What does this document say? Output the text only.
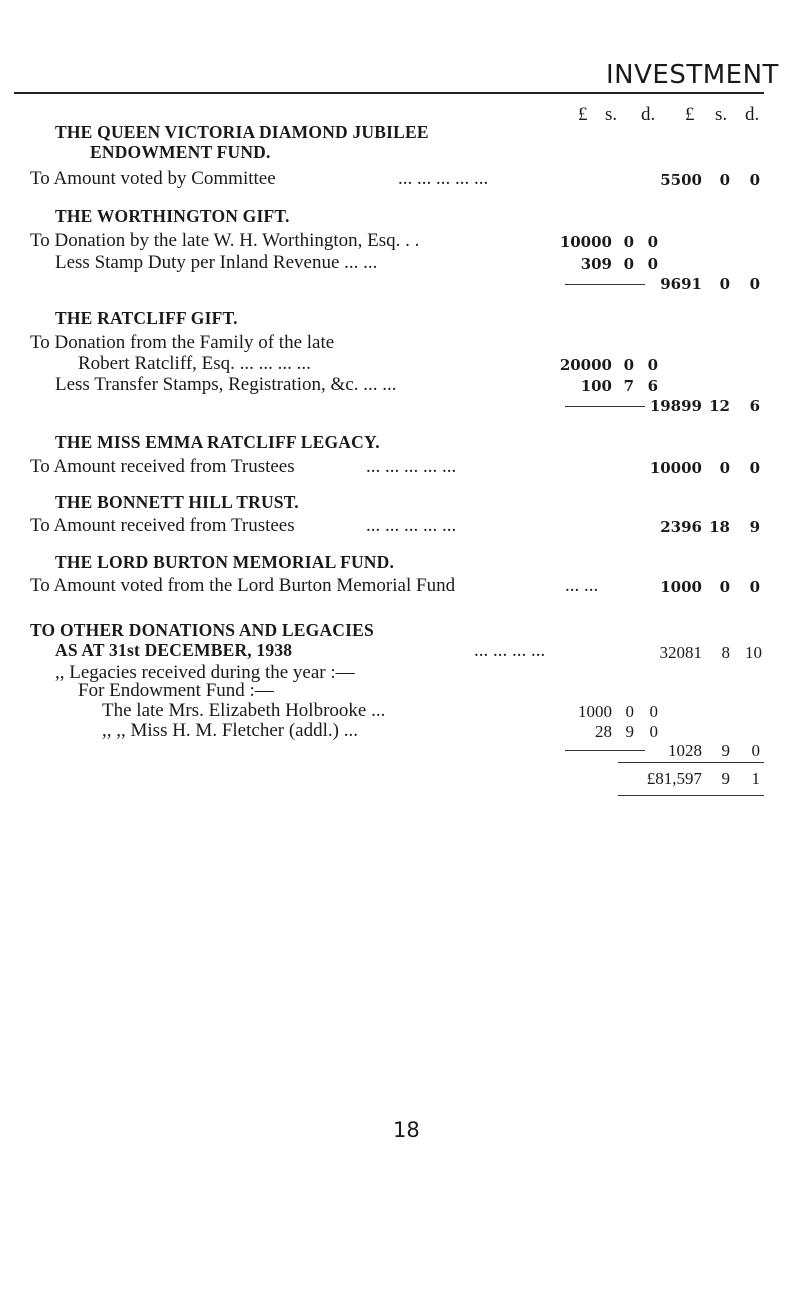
INVESTMENT
£ s. d. £ s. d.
THE QUEEN VICTORIA DIAMOND JUBILEE
ENDOWMENT FUND.
To Amount voted by Committee	... ... ... ... ...	5500	0	0
THE WORTHINGTON GIFT.
To Donation by the late W. H. Worthington, Esq. . .	10000 0 0
Less Stamp Duty per Inland Revenue ... ...	309 0 0
9691	0	0
THE RATCLIFF GIFT.
To Donation from the Family of the late
Robert Ratcliff, Esq. ... ... ... ...	20000 0 0
Less Transfer Stamps, Registration, &c. ... ...	100 7 6
19899 12	6
THE MISS EMMA RATCLIFF LEGACY.
To Amount received from Trustees	... ... ... ... ...	10000	0	0
THE BONNETT HILL TRUST.
To Amount received from Trustees	... ... ... ... ...	2396 18	9
THE LORD BURTON MEMORIAL FUND.
To Amount voted from the Lord Burton Memorial Fund	... ...	1000	0	0
TO OTHER DONATIONS AND LEGACIES
AS AT 31st DECEMBER, 1938	... ... ... ...	32081	8 10
,, Legacies received during the year :—
For Endowment Fund :—
The late Mrs. Elizabeth Holbrooke ...	1000 0 0
,, ,, Miss H. M. Fletcher (addl.) ...	28 9 0
1028	9	0
£81,597	9	1
18
